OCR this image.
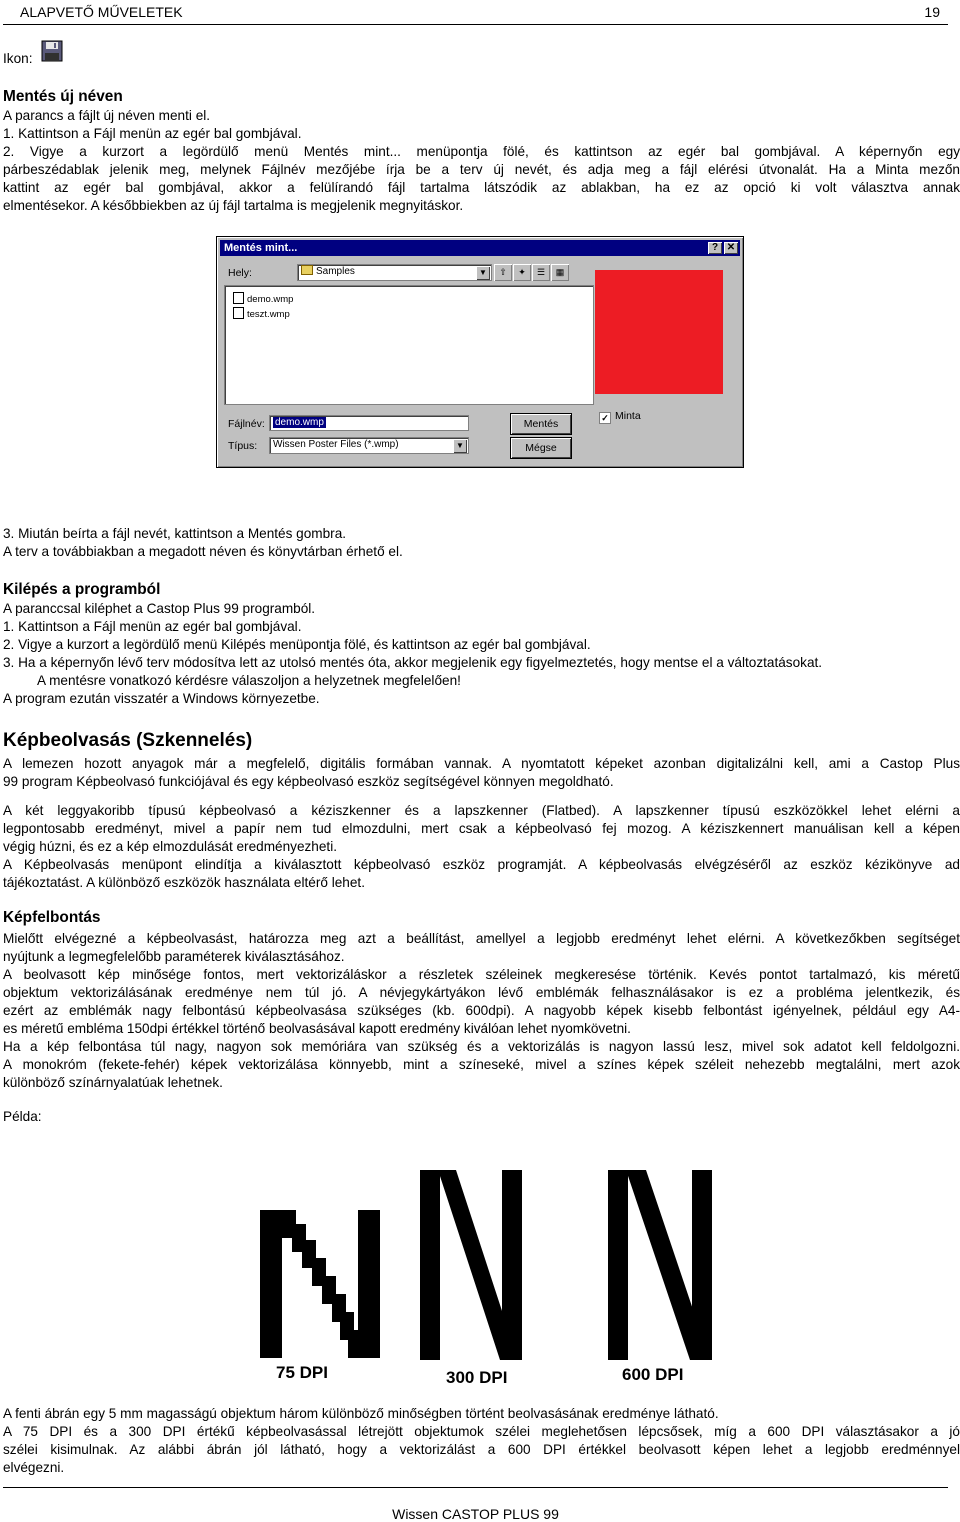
ALAPVETŐ MŰVELETEK	19
Ikon:
Mentés új néven
A parancs a fájlt új néven menti el.
1. Kattintson a Fájl menün az egér bal gombjával.
2. Vigye a kurzort a legördülő menü Mentés mint... menüpontja fölé, és kattintson az egér bal gombjával. A képernyőn egy
párbeszédablak jelenik meg, melynek Fájlnév mezőjébe írja be a terv új nevét, és adja meg a fájl elérési útvonalát. Ha a Minta mezőn
kattint az egér bal gombjával, akkor a felülírandó fájl tartalma látszódik az ablakban, ha ez az opció ki volt választva annak
elmentésekor. A későbbiekben az új fájl tartalma is megjelenik megnyitáskor.
Mentés mint...	? ✕
Hely:	Samples	▼	⇧	✦	☰	▦
demo.wmp
teszt.wmp
✓ Minta
Fájlnév:	demo.wmp
Típus:	Wissen Poster Files (*.wmp)	▼
Mentés
Mégse
3. Miután beírta a fájl nevét, kattintson a Mentés gombra.
A terv a továbbiakban a megadott néven és könyvtárban érhető el.
Kilépés a programból
A paranccsal kiléphet a Castop Plus 99 programból.
1. Kattintson a Fájl menün az egér bal gombjával.
2. Vigye a kurzort a legördülő menü Kilépés menüpontja fölé, és kattintson az egér bal gombjával.
3. Ha a képernyőn lévő terv módosítva lett az utolsó mentés óta, akkor megjelenik egy figyelmeztetés, hogy mentse el a változtatásokat.
A mentésre vonatkozó kérdésre válaszoljon a helyzetnek megfelelően!
A program ezután visszatér a Windows környezetbe.
Képbeolvasás (Szkennelés)
A lemezen hozott anyagok már a megfelelő, digitális formában vannak. A nyomtatott képeket azonban digitalizálni kell, ami a Castop Plus
99 program Képbeolvasó funkciójával és egy képbeolvasó eszköz segítségével könnyen megoldható.
A két leggyakoribb típusú képbeolvasó a kéziszkenner és a lapszkenner (Flatbed). A lapszkenner típusú eszközökkel lehet elérni a
legpontosabb eredményt, mivel a papír nem tud elmozdulni, mert csak a képbeolvasó fej mozog. A kéziszkennert manuálisan kell a képen
végig húzni, és ez a kép elmozdulását eredményezheti.
A Képbeolvasás menüpont elindítja a kiválasztott képbeolvasó eszköz programját. A képbeolvasás elvégzéséről az eszköz kézikönyve ad
tájékoztatást. A különböző eszközök használata eltérő lehet.
Képfelbontás
Mielőtt elvégezné a képbeolvasást, határozza meg azt a beállítást, amellyel a legjobb eredményt lehet elérni. A következőkben segítséget
nyújtunk a legmegfelelőbb paraméterek kiválasztásához.
A beolvasott kép minősége fontos, mert vektorizáláskor a részletek széleinek megkeresése történik. Kevés pontot tartalmazó, kis méretű
objektum vektorizálásának eredménye nem túl jó. A névjegykártyákon lévő emblémák felhasználásakor is ez a probléma jelentkezik, és
ezért az emblémák nagy felbontású képbeolvasása szükséges (kb. 600dpi). A nagyobb képek kisebb felbontást igényelnek, például egy A4-
es méretű embléma 150dpi értékkel történő beolvasásával kapott eredmény kiválóan lehet nyomkövetni.
Ha a kép felbontása túl nagy, nagyon sok memóriára van szükség és a vektorizálás is nagyon lassú lesz, mivel sok adatot kell feldolgozni.
A monokróm (fekete-fehér) képek vektorizálása könnyebb, mint a színeseké, mivel a színes képek széleit nehezebb megtalálni, mert azok
különböző színárnyalatúak lehetnek.
Példa:
75 DPI	300 DPI	600 DPI
A fenti ábrán egy 5 mm magasságú objektum három különböző minőségben történt beolvasásának eredménye látható.
A 75 DPI és a 300 DPI értékű képbeolvasással létrejött objektumok szélei meglehetősen lépcsősek, míg a 600 DPI választásakor a jó
szélei kisimulnak. Az alábbi ábrán jól látható, hogy a vektorizálást a 600 DPI értékkel beolvasott képen lehet a legjobb eredménnyel
elvégezni.
Wissen CASTOP PLUS 99
